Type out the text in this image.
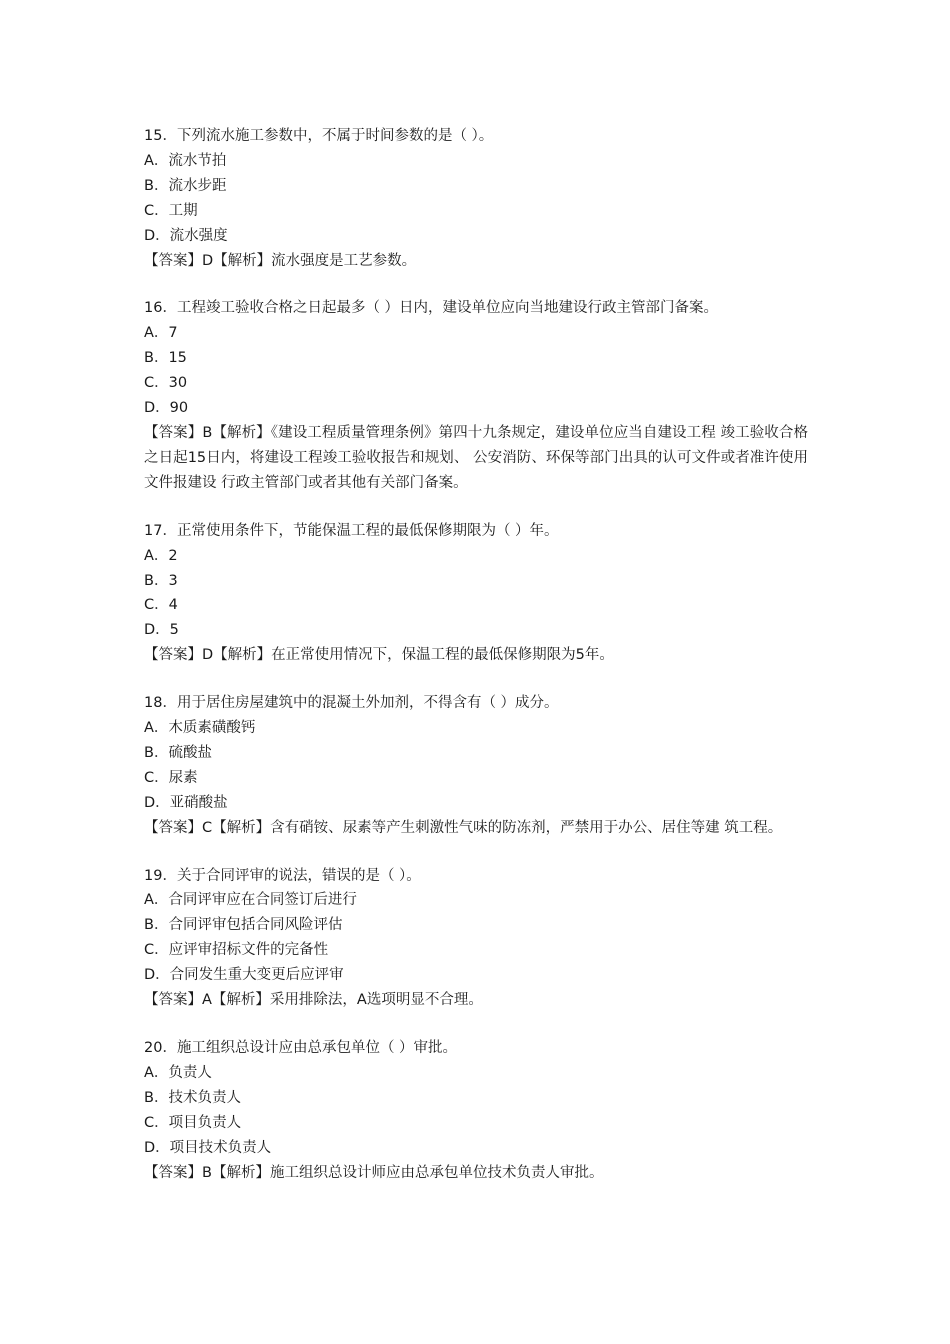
15．下列流水施工参数中，不属于时间参数的是（ ）。
A．流水节拍
B．流水步距
C．工期
D．流水强度
【答案】D【解析】流水强度是工艺参数。
16．工程竣工验收合格之日起最多（ ）日内，建设单位应向当地建设行政主管部门备案。
A．7
B．15
C．30
D．90
【答案】B【解析】《建设工程质量管理条例》第四十九条规定，建设单位应当自建设工程 竣工验收合格之日起15日内，将建设工程竣工验收报告和规划、 公安消防、环保等部门出具的认可文件或者准许使用文件报建设 行政主管部门或者其他有关部门备案。
17．正常使用条件下，节能保温工程的最低保修期限为（ ）年。
A．2
B．3
C．4
D．5
【答案】D【解析】在正常使用情况下，保温工程的最低保修期限为5年。
18．用于居住房屋建筑中的混凝土外加剂，不得含有（ ）成分。
A．木质素磺酸钙
B．硫酸盐
C．尿素
D．亚硝酸盐
【答案】C【解析】含有硝铵、尿素等产生刺激性气味的防冻剂，严禁用于办公、居住等建 筑工程。
19．关于合同评审的说法，错误的是（ ）。
A．合同评审应在合同签订后进行
B．合同评审包括合同风险评估
C．应评审招标文件的完备性
D．合同发生重大变更后应评审
【答案】A【解析】采用排除法，A选项明显不合理。
20．施工组织总设计应由总承包单位（ ）审批。
A．负责人
B．技术负责人
C．项目负责人
D．项目技术负责人
【答案】B【解析】施工组织总设计师应由总承包单位技术负责人审批。
